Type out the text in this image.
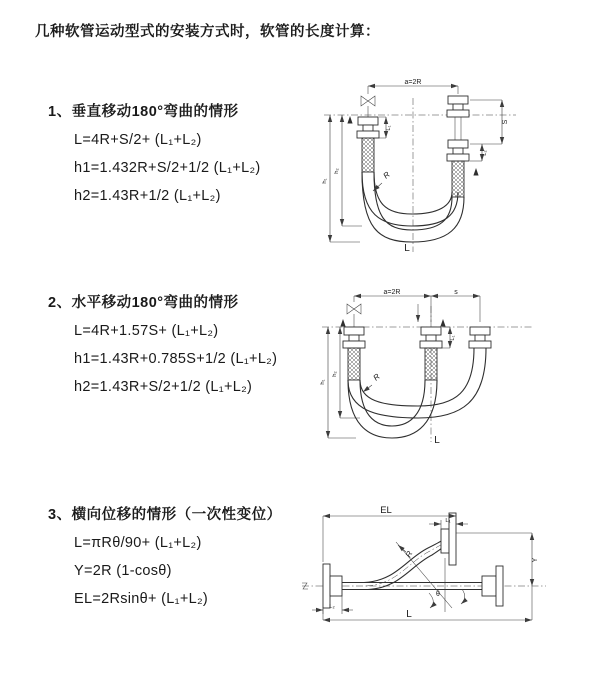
几种软管运动型式的安装方式时，软管的长度计算：
1、垂直移动180°弯曲的情形
L=4R+S/2+ (L₁+L₂)
h1=1.432R+S/2+1/2 (L₁+L₂)
h2=1.43R+1/2 (L₁+L₂)
2、水平移动180°弯曲的情形
L=4R+1.57S+ (L₁+L₂)
h1=1.43R+0.785S+1/2 (L₁+L₂)
h2=1.43R+S/2+1/2 (L₁+L₂)
3、横向位移的情形（一次性变位）
L=πRθ/90+ (L₁+L₂)
Y=2R (1-cosθ)
EL=2Rsinθ+ (L₁+L₂)
a=2R
h₁
h₂
L₁
S
L₂
R
L
a=2R	s
h₁
h₂
L₁
R
L
EL
L₁
Y
θ
R
L₂
L
